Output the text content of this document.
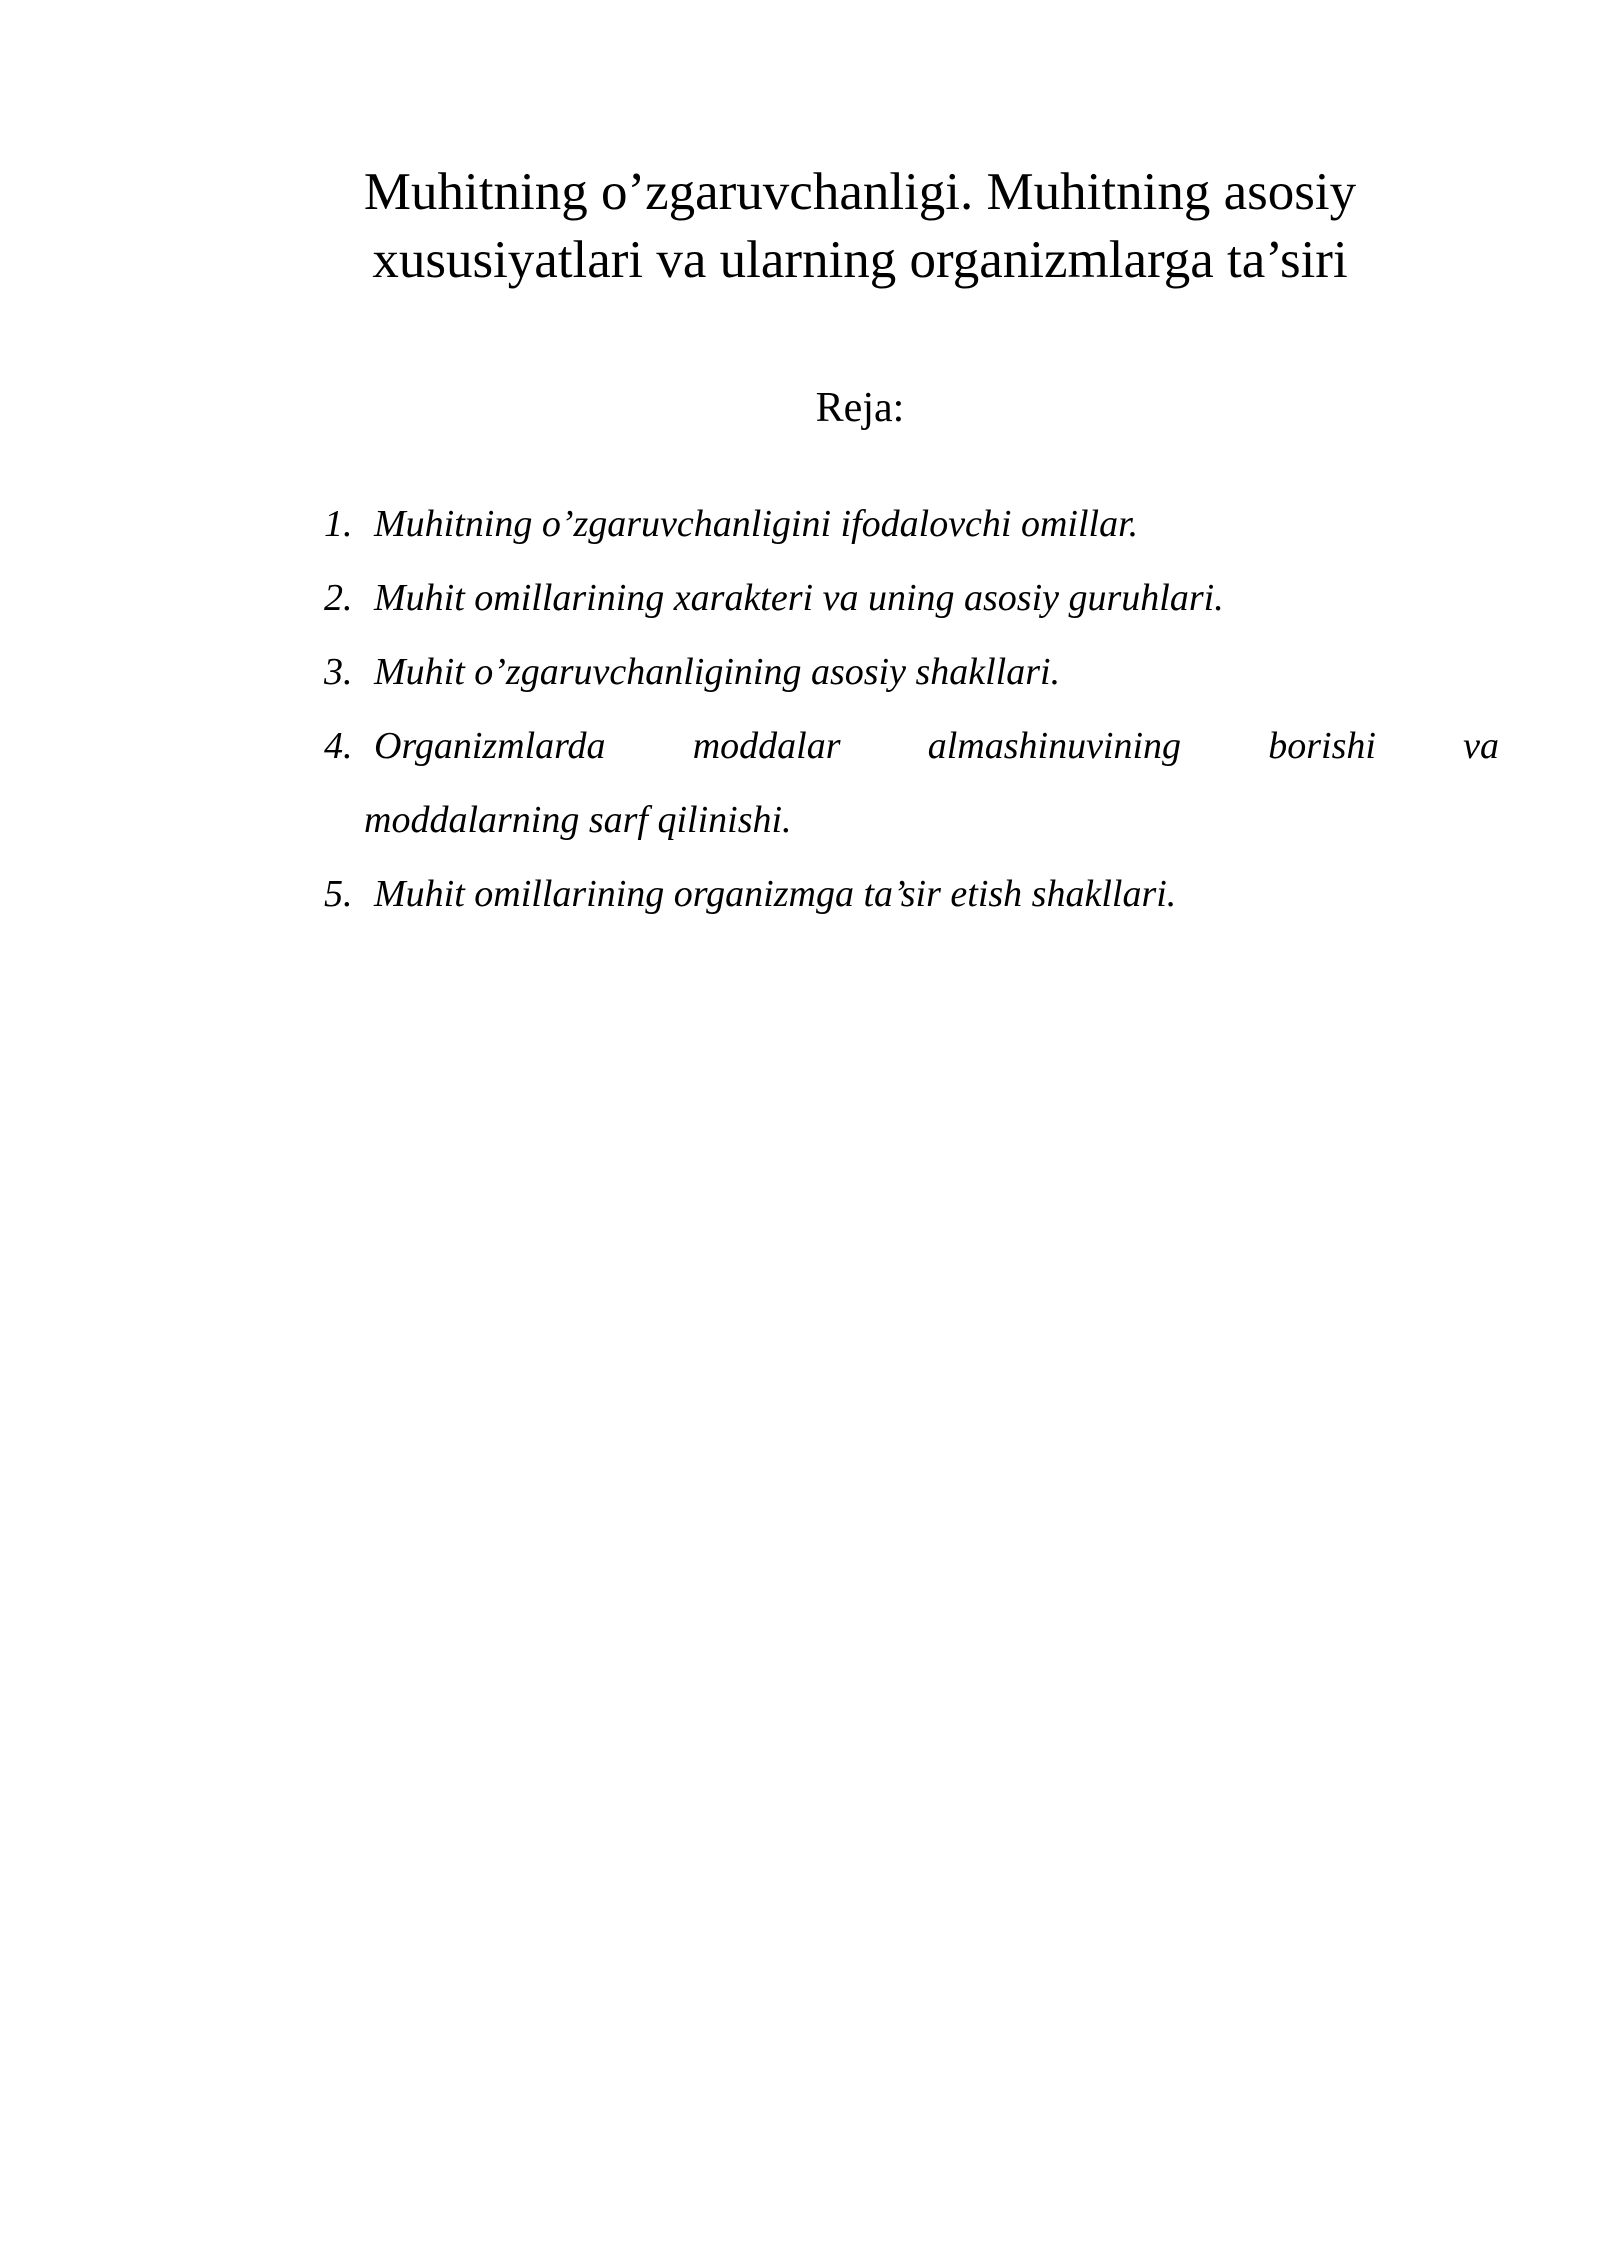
Muhitning o’zgaruvchanligi. Muhitning asosiy
xususiyatlari va ularning organizmlarga ta’siri
Reja:
1. Muhitning o’zgaruvchanligini ifodalovchi omillar.
2. Muhit omillarining xarakteri va uning asosiy guruhlari.
3. Muhit o’zgaruvchanligining asosiy shakllari.
4. Organizmlarda moddalar almashinuvining borishi va
moddalarning sarf qilinishi.
5. Muhit omillarining organizmga ta’sir etish shakllari.
